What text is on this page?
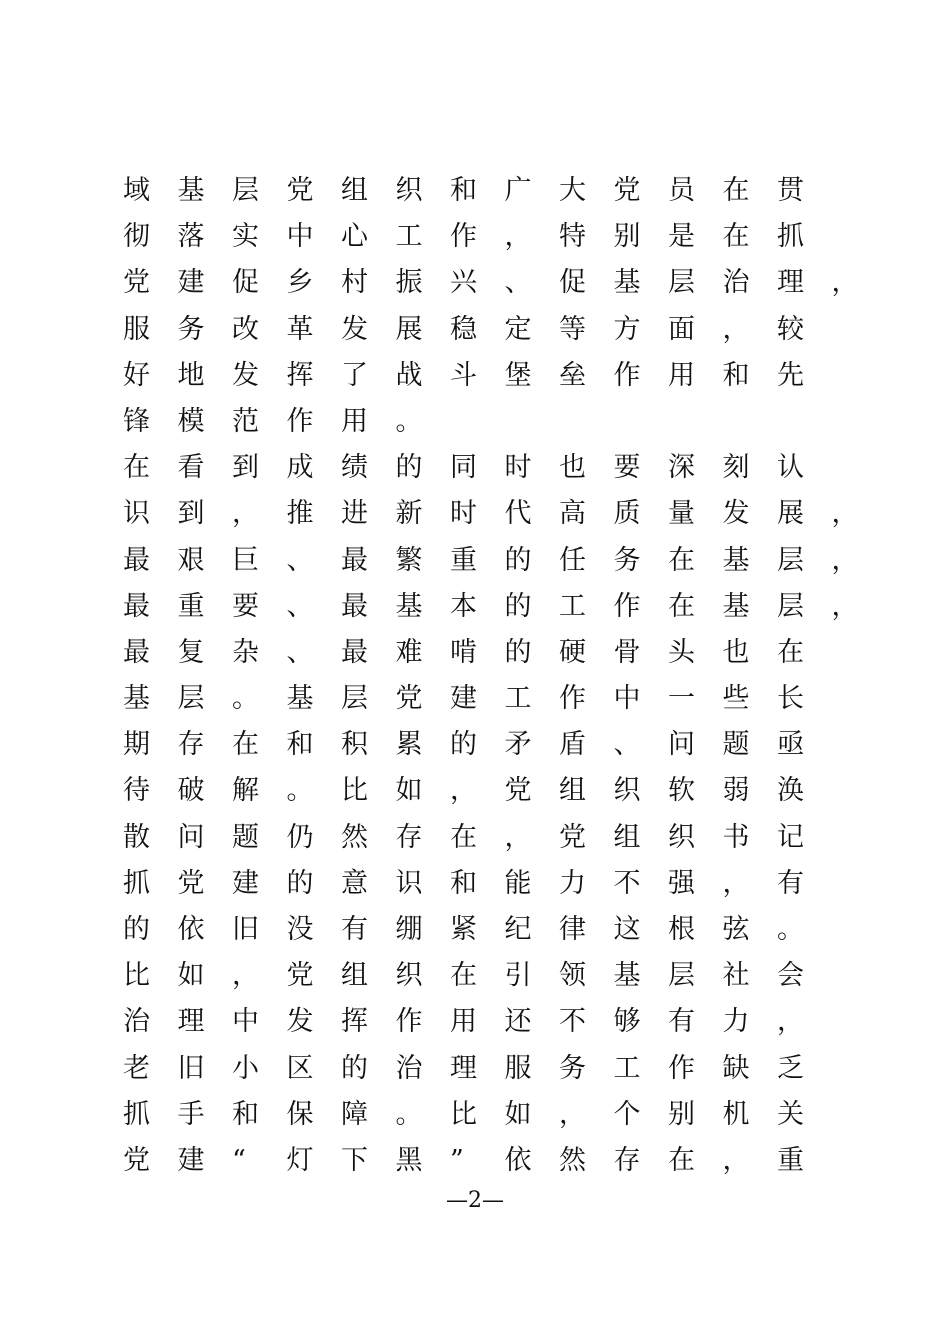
域 基 层 党 组 织 和 广 大 党 员 在 贯
彻 落 实 中 心 工 作 ， 特 别 是 在 抓
党 建 促 乡 村 振 兴 、 促 基 层 治 理 ，
服 务 改 革 发 展 稳 定 等 方 面 ， 较
好 地 发 挥 了 战 斗 堡 垒 作 用 和 先
锋 模 范 作 用 。
在 看 到 成 绩 的 同 时 也 要 深 刻 认
识 到 ， 推 进 新 时 代 高 质 量 发 展 ，
最 艰 巨 、 最 繁 重 的 任 务 在 基 层 ，
最 重 要 、 最 基 本 的 工 作 在 基 层 ，
最 复 杂 、 最 难 啃 的 硬 骨 头 也 在
基 层 。 基 层 党 建 工 作 中 一 些 长
期 存 在 和 积 累 的 矛 盾 、 问 题 亟
待 破 解 。 比 如 ， 党 组 织 软 弱 涣
散 问 题 仍 然 存 在 ， 党 组 织 书 记
抓 党 建 的 意 识 和 能 力 不 强 ， 有
的 依 旧 没 有 绷 紧 纪 律 这 根 弦 。
比 如 ， 党 组 织 在 引 领 基 层 社 会
治 理 中 发 挥 作 用 还 不 够 有 力 ，
老 旧 小 区 的 治 理 服 务 工 作 缺 乏
抓 手 和 保 障 。 比 如 ， 个 别 机 关
党 建 “	灯 下 黑 ”	依 然 存 在 ， 重
—2—
